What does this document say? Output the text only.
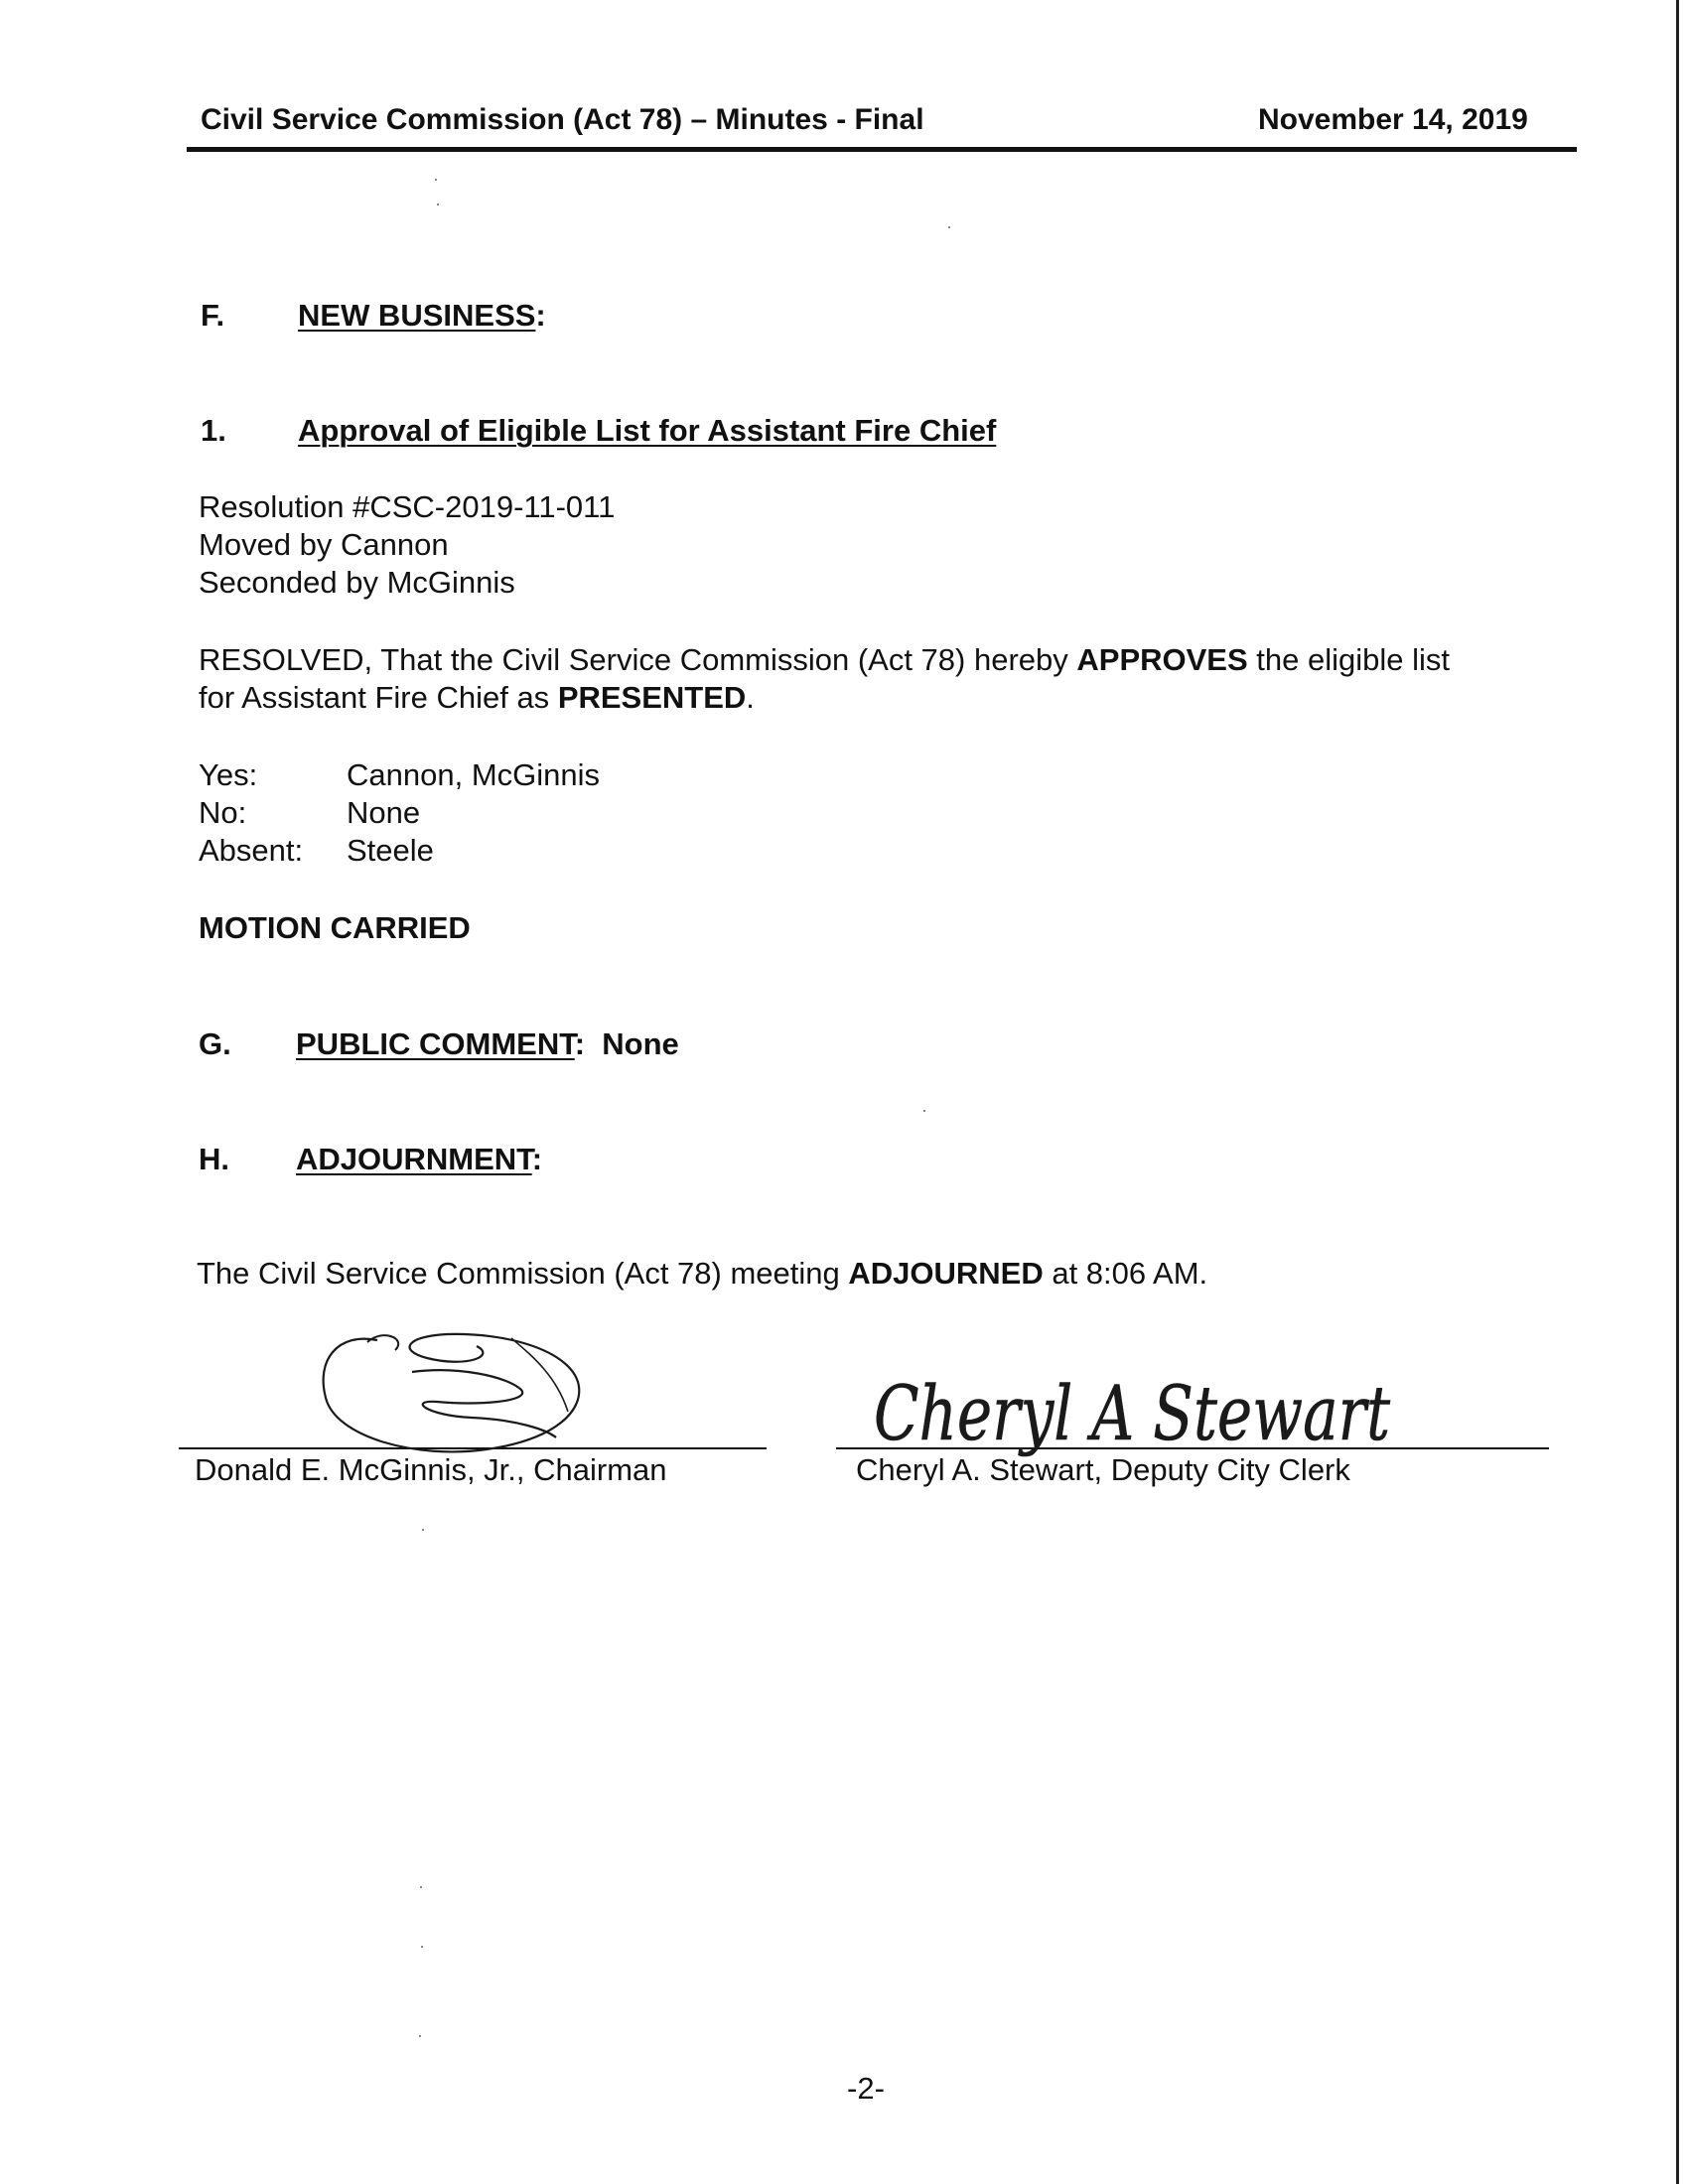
Civil Service Commission (Act 78) – Minutes - Final	November 14, 2019
F. NEW BUSINESS:
1. Approval of Eligible List for Assistant Fire Chief
Resolution #CSC-2019-11-011
Moved by Cannon
Seconded by McGinnis
RESOLVED, That the Civil Service Commission (Act 78) hereby APPROVES the eligible list
for Assistant Fire Chief as PRESENTED.
Yes:	Cannon, McGinnis
No:	None
Absent: Steele
MOTION CARRIED
G. PUBLIC COMMENT: None
H. ADJOURNMENT:
The Civil Service Commission (Act 78) meeting ADJOURNED at 8:06 AM.
Cheryl A Stewart
Donald E. McGinnis, Jr., Chairman	Cheryl A. Stewart, Deputy City Clerk
-2-
